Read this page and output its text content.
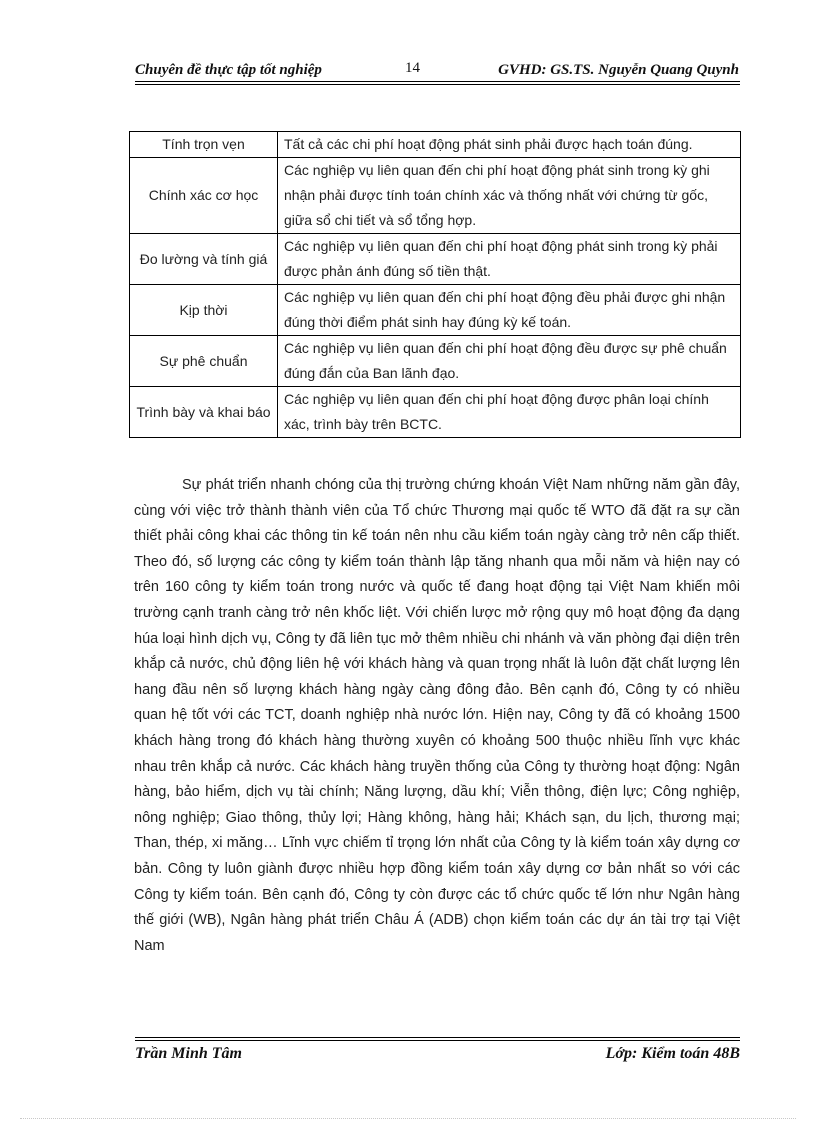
Chuyên đề thực tập tốt nghiệp	14	GVHD: GS.TS. Nguyễn Quang Quynh
Tính trọn vẹn	Tất cả các chi phí hoạt động phát sinh phải được hạch toán đúng.
Chính xác cơ học	Các nghiệp vụ liên quan đến chi phí hoạt động phát sinh trong kỳ ghi nhận phải được tính toán chính xác và thống nhất với chứng từ gốc, giữa sổ chi tiết và sổ tổng hợp.
Đo lường và tính giá	Các nghiệp vụ liên quan đến chi phí hoạt động phát sinh trong kỳ phải được phản ánh đúng số tiền thật.
Kịp thời	Các nghiệp vụ liên quan đến chi phí hoạt động đều phải được ghi nhận đúng thời điểm phát sinh hay đúng kỳ kế toán.
Sự phê chuẩn	Các nghiệp vụ liên quan đến chi phí hoạt động đều được sự phê chuẩn đúng đắn của Ban lãnh đạo.
Trình bày và khai báo	Các nghiệp vụ liên quan đến chi phí hoạt động được phân loại chính xác, trình bày trên BCTC.
Sự phát triển nhanh chóng của thị trường chứng khoán Việt Nam những năm gần đây, cùng với việc trở thành thành viên của Tổ chức Thương mại quốc tế WTO đã đặt ra sự cần thiết phải công khai các thông tin kế toán nên nhu cầu kiểm toán ngày càng trở nên cấp thiết. Theo đó, số lượng các công ty kiểm toán thành lập tăng nhanh qua mỗi năm và hiện nay có trên 160 công ty kiểm toán trong nước và quốc tế đang hoạt động tại Việt Nam khiến môi trường cạnh tranh càng trở nên khốc liệt. Với chiến lược mở rộng quy mô hoạt động đa dạng húa loại hình dịch vụ, Công ty đã liên tục mở thêm nhiều chi nhánh và văn phòng đại diện trên khắp cả nước, chủ động liên hệ với khách hàng và quan trọng nhất là luôn đặt chất lượng lên hang đầu nên số lượng khách hàng ngày càng đông đảo. Bên cạnh đó, Công ty có nhiều quan hệ tốt với các TCT, doanh nghiệp nhà nước lớn. Hiện nay, Công ty đã có khoảng 1500 khách hàng trong đó khách hàng thường xuyên có khoảng 500 thuộc nhiều lĩnh vực khác nhau trên khắp cả nước. Các khách hàng truyền thống của Công ty thường hoạt động: Ngân hàng, bảo hiểm, dịch vụ tài chính; Năng lượng, dầu khí; Viễn thông, điện lực; Công nghiệp, nông nghiệp; Giao thông, thủy lợi; Hàng không, hàng hải; Khách sạn, du lịch, thương mại; Than, thép, xi măng… Lĩnh vực chiếm tỉ trọng lớn nhất của Công ty là kiểm toán xây dựng cơ bản. Công ty luôn giành được nhiều hợp đồng kiểm toán xây dựng cơ bản nhất so với các Công ty kiểm toán. Bên cạnh đó, Công ty còn được các tổ chức quốc tế lớn như Ngân hàng thế giới (WB), Ngân hàng phát triển Châu Á (ADB) chọn kiểm toán các dự án tài trợ tại Việt Nam
Trần Minh Tâm	Lớp: Kiểm toán 48B
